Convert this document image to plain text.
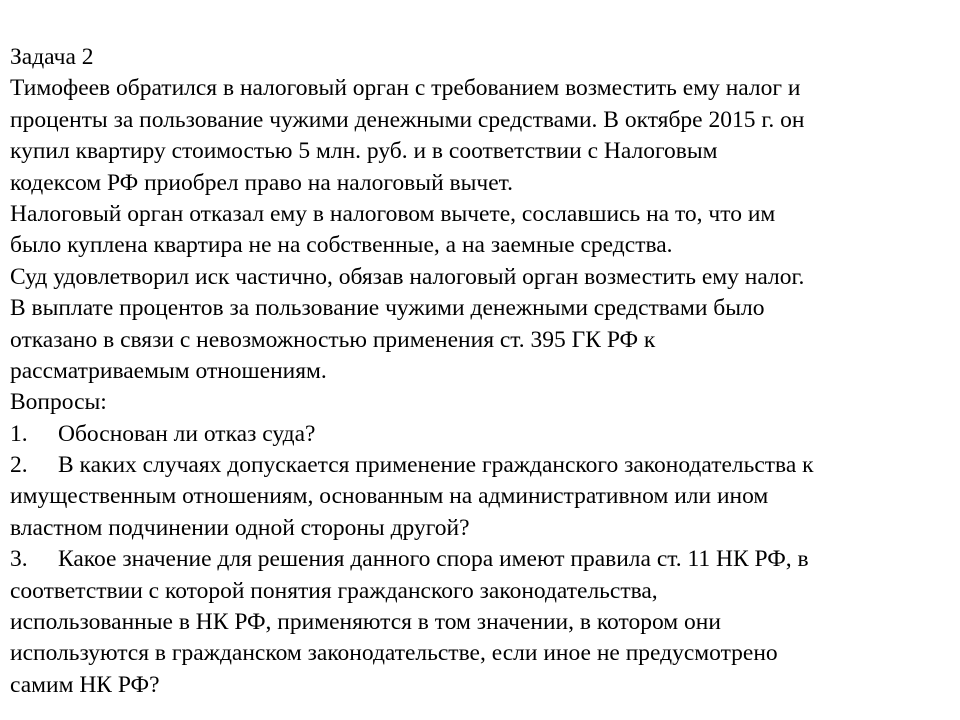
Задача 2
Тимофеев обратился в налоговый орган с требованием возместить ему налог и
проценты за пользование чужими денежными средствами. В октябре 2015 г. он
купил квартиру стоимостью 5 млн. руб. и в соответствии с Налоговым
кодексом РФ приобрел право на налоговый вычет.
Налоговый орган отказал ему в налоговом вычете, сославшись на то, что им
было куплена квартира не на собственные, а на заемные средства.
Суд удовлетворил иск частично, обязав налоговый орган возместить ему налог.
В выплате процентов за пользование чужими денежными средствами было
отказано в связи с невозможностью применения ст. 395 ГК РФ к
рассматриваемым отношениям.
Вопросы:
1. Обоснован ли отказ суда?
2. В каких случаях допускается применение гражданского законодательства к
имущественным отношениям, основанным на административном или ином
властном подчинении одной стороны другой?
3. Какое значение для решения данного спора имеют правила ст. 11 НК РФ, в
соответствии с которой понятия гражданского законодательства,
использованные в НК РФ, применяются в том значении, в котором они
используются в гражданском законодательстве, если иное не предусмотрено
самим НК РФ?
